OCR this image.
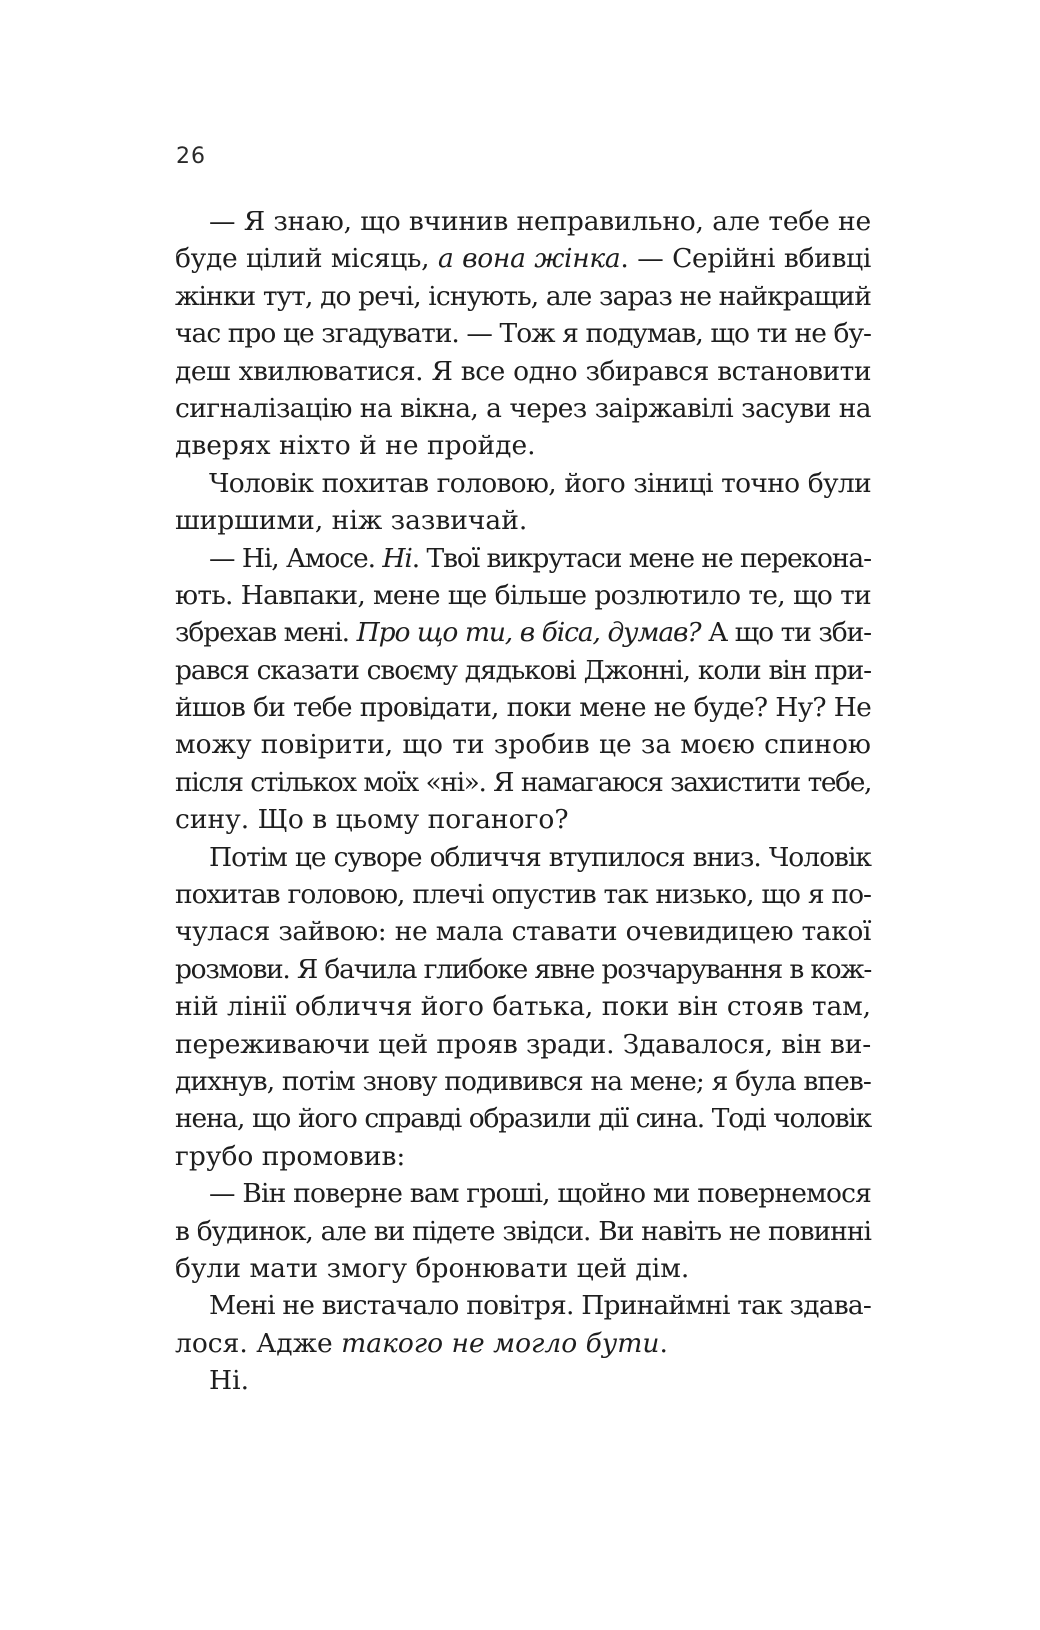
26
— Я знаю, що вчинив неправильно, але тебе не
буде цілий місяць, а вона жінка. — Серійні вбивці
жінки тут, до речі, існують, але зараз не найкращий
час про це згадувати. — Тож я подумав, що ти не бу-
деш хвилюватися. Я все одно збирався встановити
сигналізацію на вікна, а через заіржавілі засуви на
дверях ніхто й не пройде.
Чоловік похитав головою, його зіниці точно були
ширшими, ніж зазвичай.
— Ні, Амосе. Ні. Твої викрутаси мене не переконa-
ють. Навпаки, мене ще більше розлютило те, що ти
збрехав мені. Про що ти, в біса, думав? А що ти зби-
рався сказати своєму дядькові Джонні, коли він при-
йшов би тебе провідати, поки мене не буде? Ну? Не
можу повірити, що ти зробив це за моєю спиною
після стількох моїх «ні». Я намагаюся захистити тебе,
сину. Що в цьому поганого?
Потім це суворе обличчя втупилося вниз. Чоловік
похитав головою, плечі опустив так низько, що я по-
чулася зайвою: не мала ставати очевидицею такої
розмови. Я бачила глибоке явне розчарування в кож-
ній лінії обличчя його батька, поки він стояв там,
переживаючи цей прояв зради. Здавалося, він ви-
дихнув, потім знову подивився на мене; я була впев-
нена, що його справді образили дії сина. Тоді чоловік
грубо промовив:
— Він поверне вам гроші, щойно ми повернемося
в будинок, але ви підете звідси. Ви навіть не повинні
були мати змогу бронювати цей дім.
Мені не вистачало повітря. Принаймні так здава-
лося. Адже такого не могло бути.
Ні.
